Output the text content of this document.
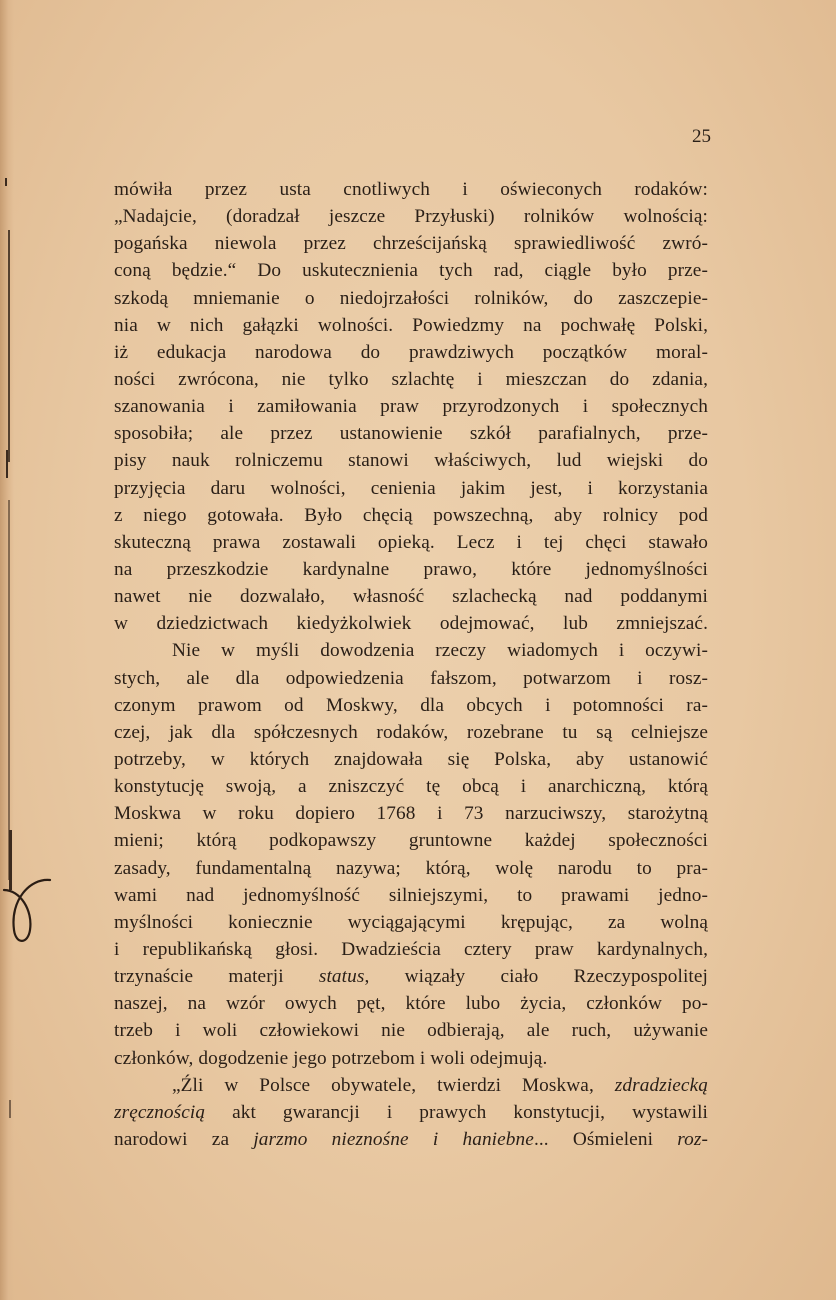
25
mówiła przez usta cnotliwych i oświeconych rodaków:
„Nadajcie, (doradzał jeszcze Przyłuski) rolników wolnością:
pogańska niewola przez chrześcijańską sprawiedliwość zwró-
coną będzie.“ Do uskutecznienia tych rad, ciągle było prze-
szkodą mniemanie o niedojrzałości rolników, do zaszczepie-
nia w nich gałązki wolności. Powiedzmy na pochwałę Polski,
iż edukacja narodowa do prawdziwych początków moral-
ności zwrócona, nie tylko szlachtę i mieszczan do zdania,
szanowania i zamiłowania praw przyrodzonych i społecznych
sposobiła; ale przez ustanowienie szkół parafialnych, prze-
pisy nauk rolniczemu stanowi właściwych, lud wiejski do
przyjęcia daru wolności, cenienia jakim jest, i korzystania
z niego gotowała. Było chęcią powszechną, aby rolnicy pod
skuteczną prawa zostawali opieką. Lecz i tej chęci stawało
na przeszkodzie kardynalne prawo, które jednomyślności
nawet nie dozwalało, własność szlachecką nad poddanymi
w dziedzictwach kiedyżkolwiek odejmować, lub zmniejszać.
Nie w myśli dowodzenia rzeczy wiadomych i oczywi-
stych, ale dla odpowiedzenia fałszom, potwarzom i rosz-
czonym prawom od Moskwy, dla obcych i potomności ra-
czej, jak dla spółczesnych rodaków, rozebrane tu są celniejsze
potrzeby, w których znajdowała się Polska, aby ustanowić
konstytucję swoją, a zniszczyć tę obcą i anarchiczną, którą
Moskwa w roku dopiero 1768 i 73 narzuciwszy, starożytną
mieni; którą podkopawszy gruntowne każdej społeczności
zasady, fundamentalną nazywa; którą, wolę narodu to pra-
wami nad jednomyślność silniejszymi, to prawami jedno-
myślności koniecznie wyciągającymi krępując, za wolną
i republikańską głosi. Dwadzieścia cztery praw kardynalnych,
trzynaście materji status, wiązały ciało Rzeczypospolitej
naszej, na wzór owych pęt, które lubo życia, członków po-
trzeb i woli człowiekowi nie odbierają, ale ruch, używanie
członków, dogodzenie jego potrzebom i woli odejmują.
„Źli w Polsce obywatele, twierdzi Moskwa, zdradziecką
zręcznością akt gwarancji i prawych konstytucji, wystawili
narodowi za jarzmo nieznośne i haniebne... Ośmieleni roz-
